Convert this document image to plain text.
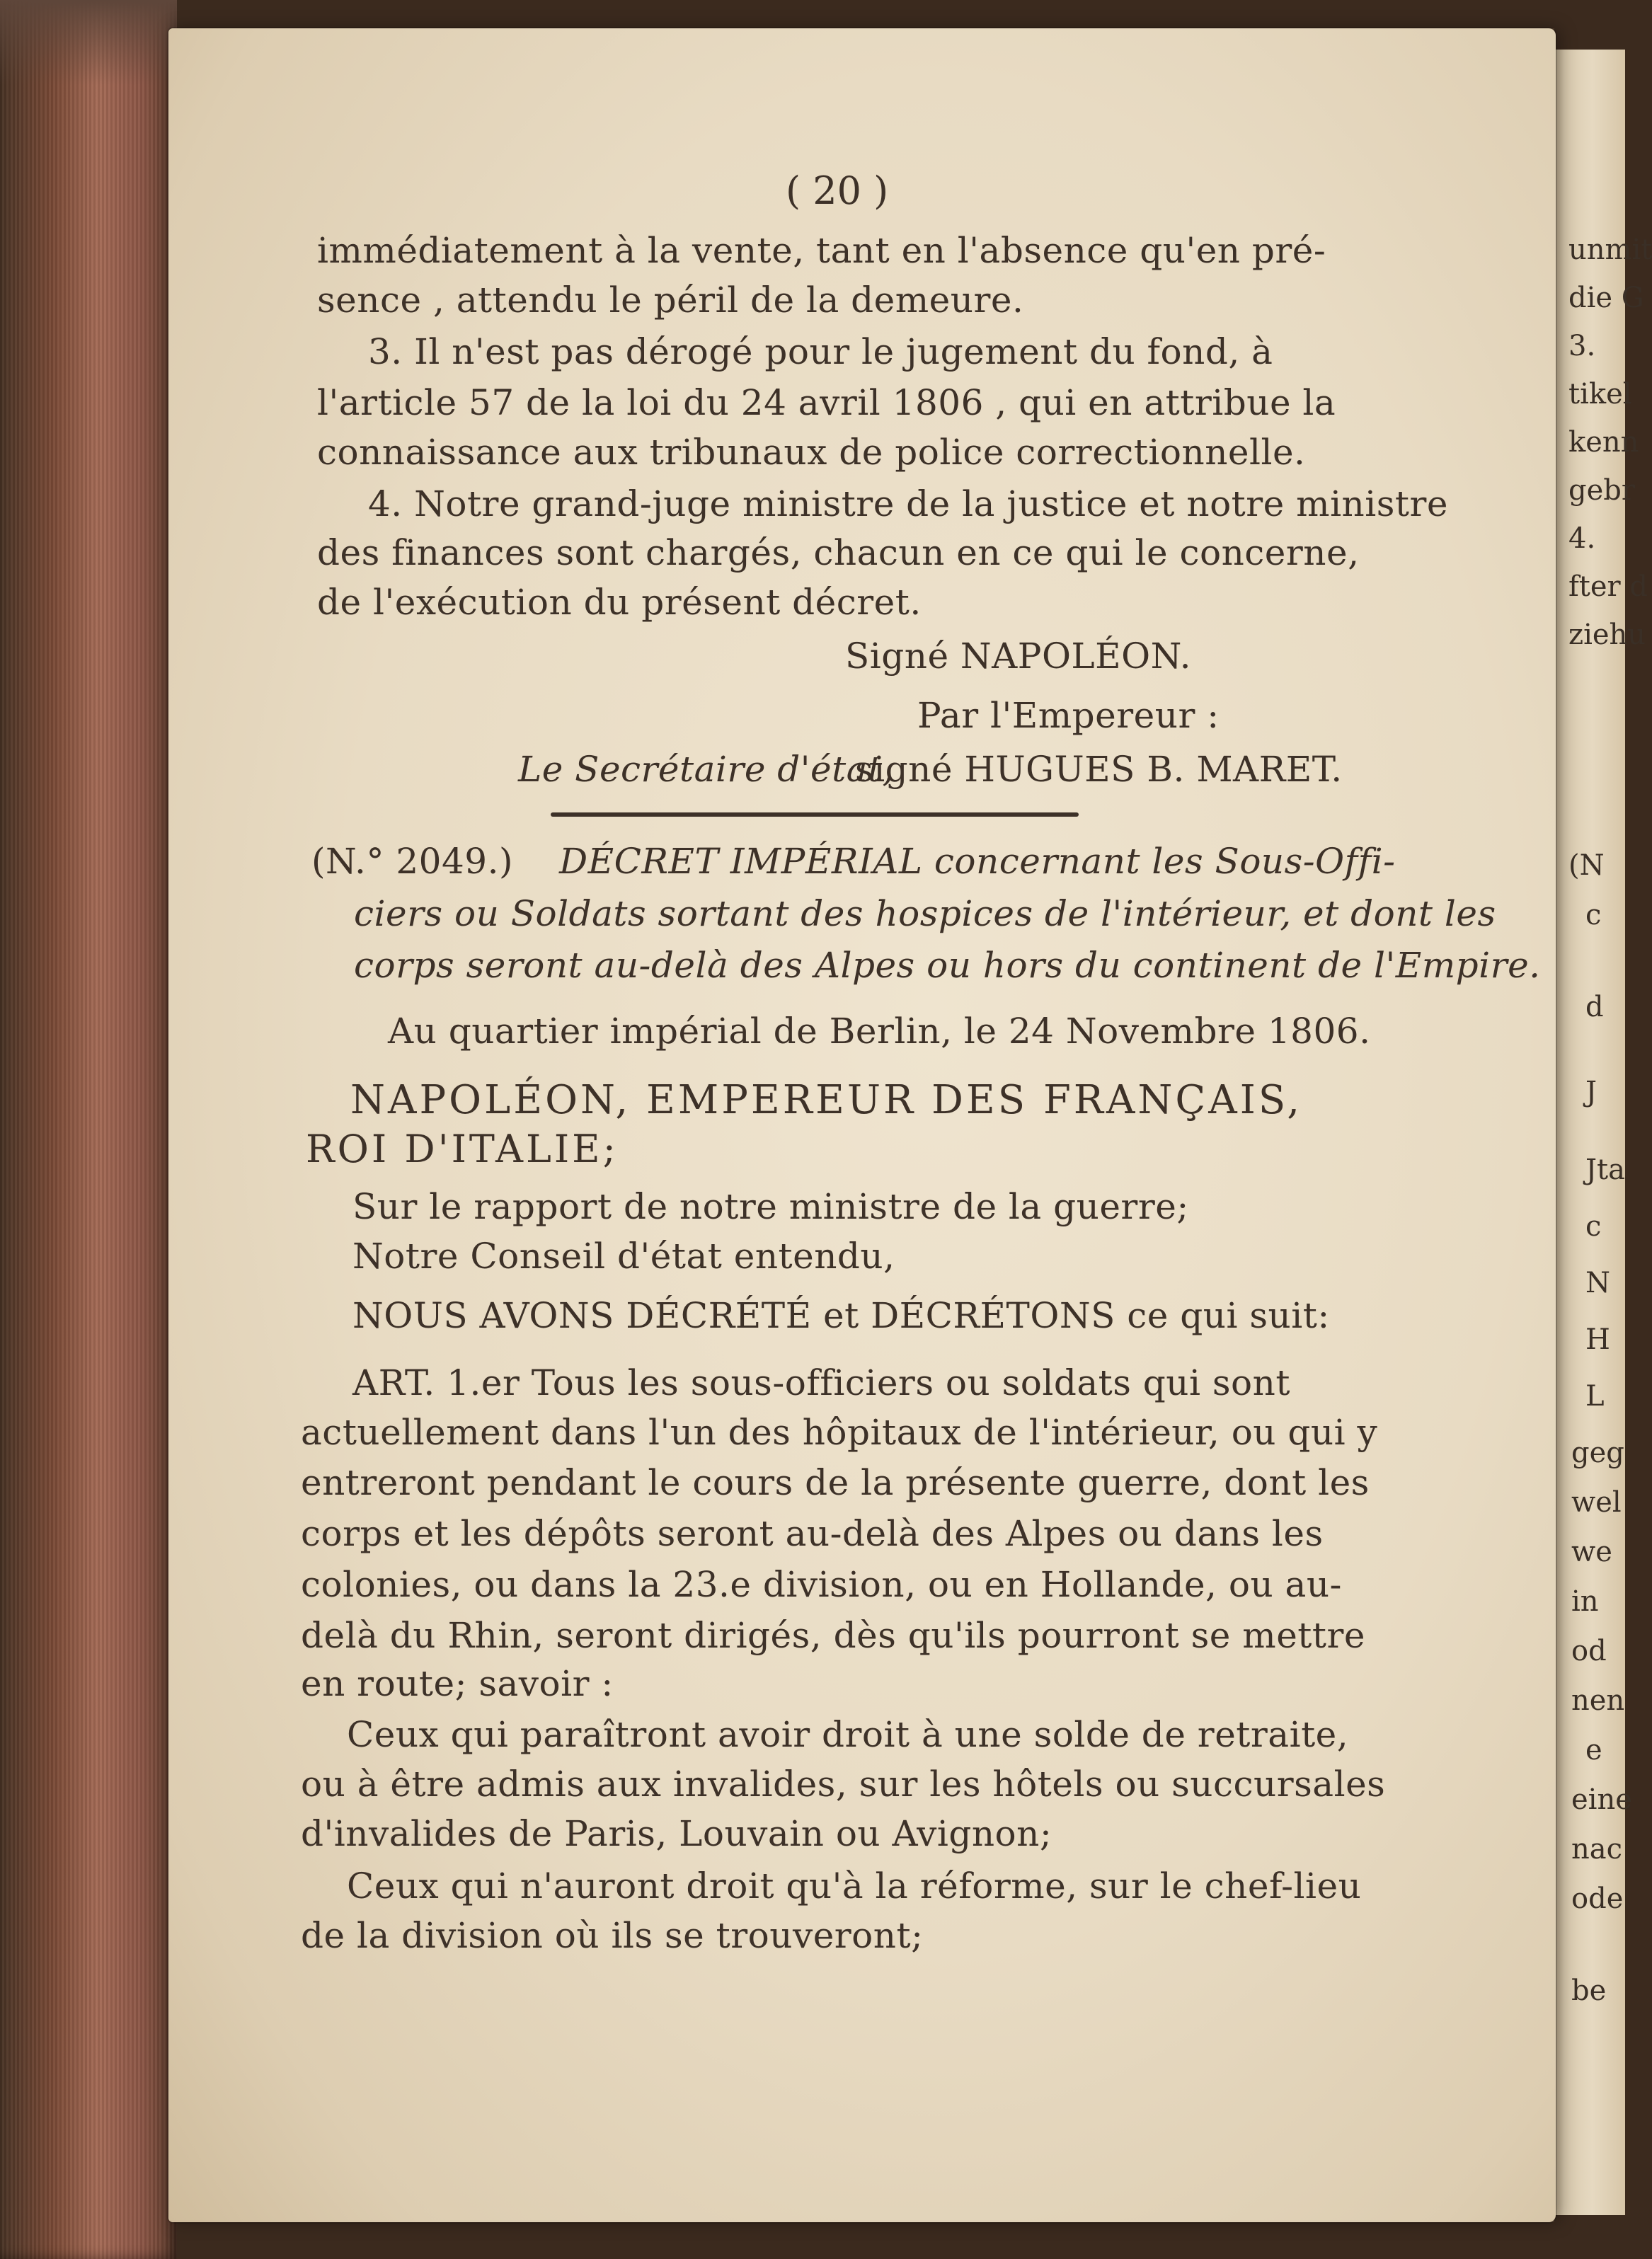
unmit
die G
3.
tikel
kenn
gebr
4.
fter d
ziehu
(N
c
d
J
Jta
c
N
H
L
geg
wel
we
in
od
nen
e
eine
nac
ode
be
( 20 )
immédiatement à la vente, tant en l'absence qu'en pré-
sence , attendu le péril de la demeure.
3. Il n'est pas dérogé pour le jugement du fond, à
l'article 57 de la loi du 24 avril 1806 , qui en attribue la
connaissance aux tribunaux de police correctionnelle.
4. Notre grand-juge ministre de la justice et notre ministre
des finances sont chargés, chacun en ce qui le concerne,
de l'exécution du présent décret.
Signé NAPOLÉON.
Par l'Empereur :
Le Secrétaire d'état,
signé HUGUES B. MARET.
(N.° 2049.) DÉCRET IMPÉRIAL concernant les Sous-Offi-
ciers ou Soldats sortant des hospices de l'intérieur, et dont les
corps seront au-delà des Alpes ou hors du continent de l'Empire.
Au quartier impérial de Berlin, le 24 Novembre 1806.
NAPOLÉON, EMPEREUR DES FRANÇAIS,
ROI D'ITALIE;
Sur le rapport de notre ministre de la guerre;
Notre Conseil d'état entendu,
NOUS AVONS DÉCRÉTÉ et DÉCRÉTONS ce qui suit:
ART. 1.er Tous les sous-officiers ou soldats qui sont
actuellement dans l'un des hôpitaux de l'intérieur, ou qui y
entreront pendant le cours de la présente guerre, dont les
corps et les dépôts seront au-delà des Alpes ou dans les
colonies, ou dans la 23.e division, ou en Hollande, ou au-
delà du Rhin, seront dirigés, dès qu'ils pourront se mettre
en route; savoir :
Ceux qui paraîtront avoir droit à une solde de retraite,
ou à être admis aux invalides, sur les hôtels ou succursales
d'invalides de Paris, Louvain ou Avignon;
Ceux qui n'auront droit qu'à la réforme, sur le chef-lieu
de la division où ils se trouveront;
